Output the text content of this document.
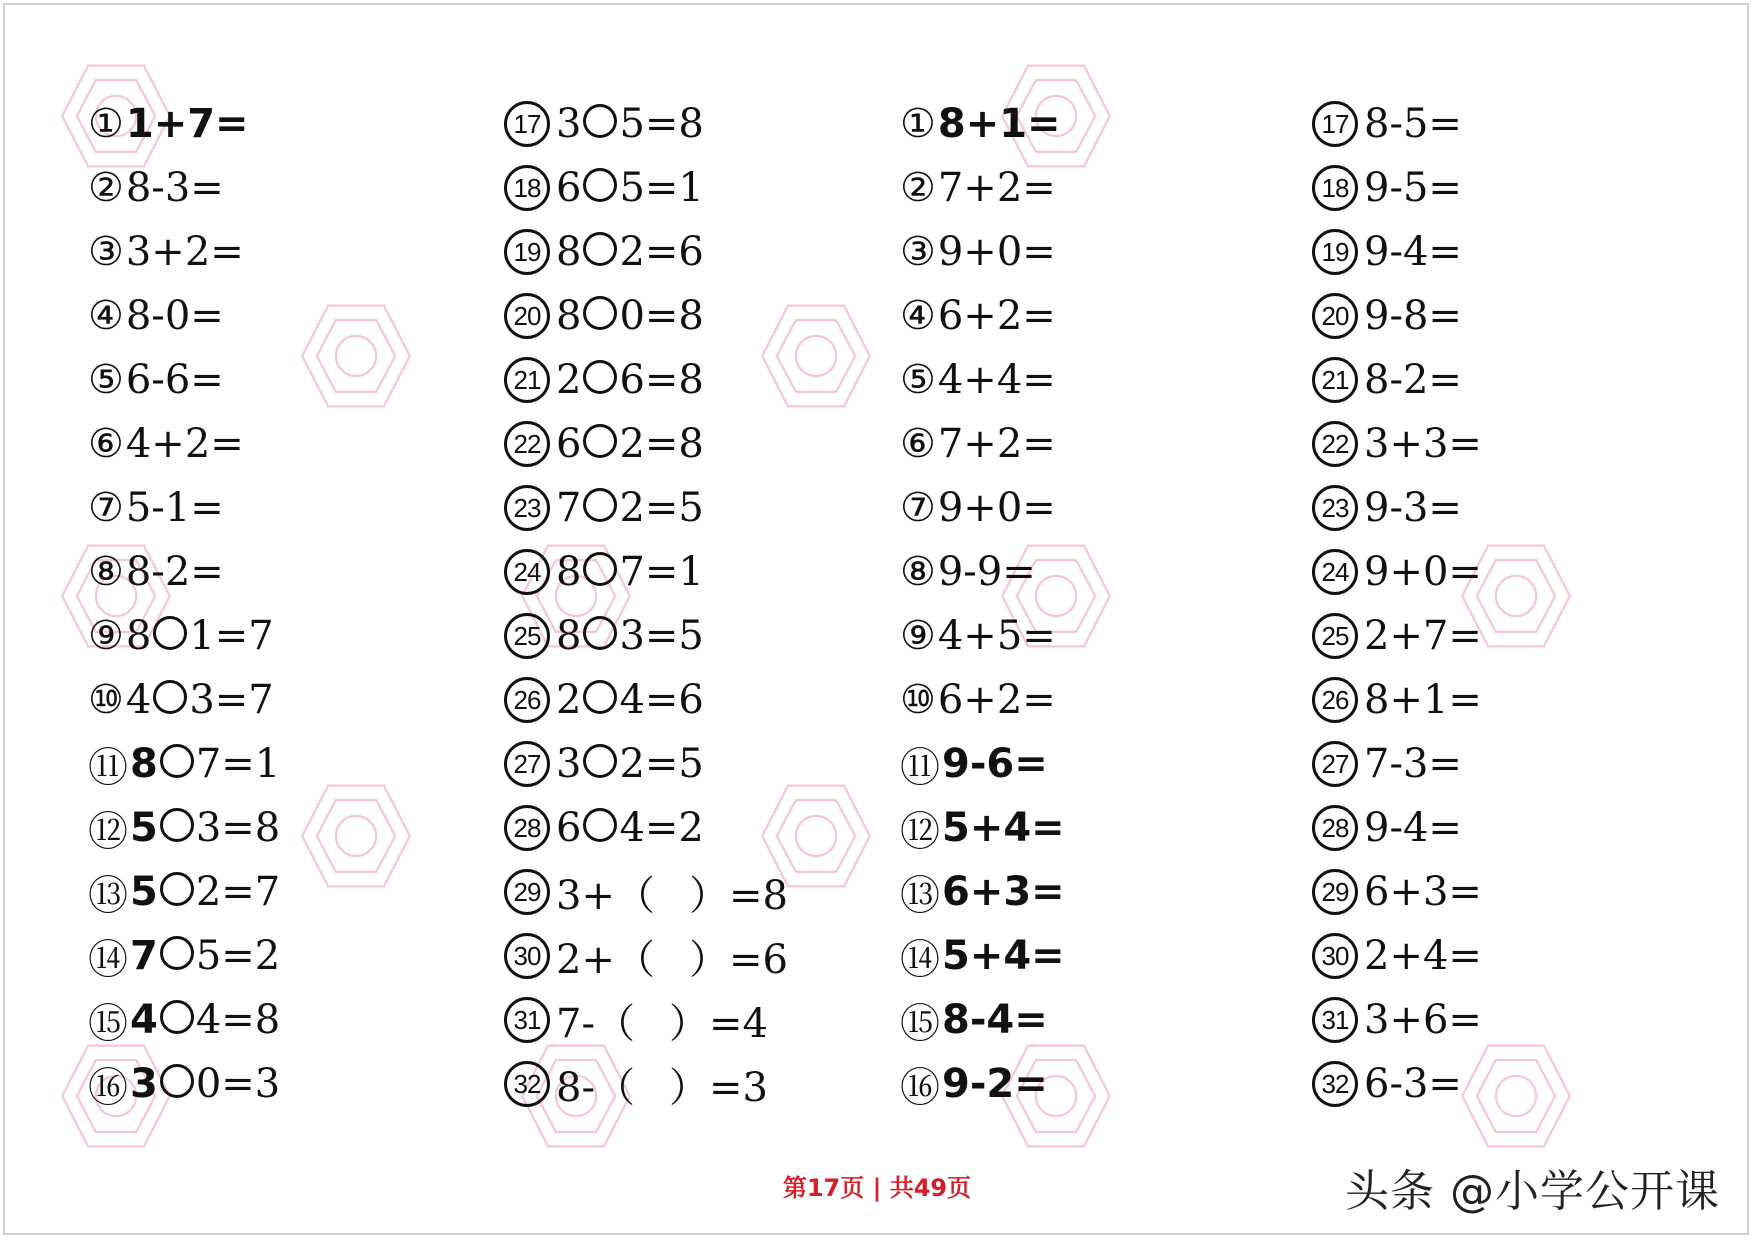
① 1+7=
② 8-3=
③ 3+2=
④ 8-0=
⑤ 6-6=
⑥ 4+2=
⑦ 5-1=
⑧ 8-2=
⑨ 8 1=7
⑩ 4 3=7
⑪ 8 7=1
⑫ 5 3=8
⑬ 5 2=7
⑭ 7 5=2
⑮ 4 4=8
⑯ 3 0=3
17 3 5=8
18 6 5=1
19 8 2=6
20 8 0=8
21 2 6=8
22 6 2=8
23 7 2=5
24 8 7=1
25 8 3=5
26 2 4=6
27 3 2=5
28 6 4=2
29 3+（ ）=8
30 2+（ ）=6
31 7-（ ）=4
32 8-（ ）=3
① 8+1=
② 7+2=
③ 9+0=
④ 6+2=
⑤ 4+4=
⑥ 7+2=
⑦ 9+0=
⑧ 9-9=
⑨ 4+5=
⑩ 6+2=
⑪ 9-6=
⑫ 5+4=
⑬ 6+3=
⑭ 5+4=
⑮ 8-4=
⑯ 9-2=
17 8-5=
18 9-5=
19 9-4=
20 9-8=
21 8-2=
22 3+3=
23 9-3=
24 9+0=
25 2+7=
26 8+1=
27 7-3=
28 9-4=
29 6+3=
30 2+4=
31 3+6=
32 6-3=
第17页 | 共49页	头条 @小学公开课
